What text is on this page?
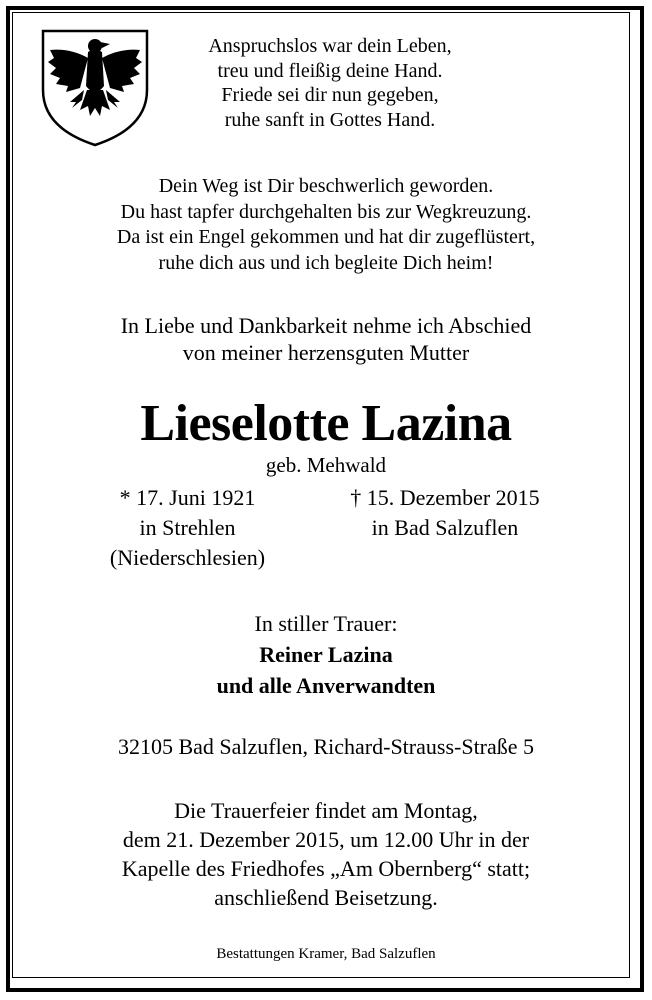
Anspruchslos war dein Leben,
treu und fleißig deine Hand.
Friede sei dir nun gegeben,
ruhe sanft in Gottes Hand.
Dein Weg ist Dir beschwerlich geworden.
Du hast tapfer durchgehalten bis zur Wegkreuzung.
Da ist ein Engel gekommen und hat dir zugeflüstert,
ruhe dich aus und ich begleite Dich heim!
In Liebe und Dankbarkeit nehme ich Abschied
von meiner herzensguten Mutter
Lieselotte Lazina
geb. Mehwald
* 17. Juni 1921
in Strehlen
(Niederschlesien)
† 15. Dezember 2015
in Bad Salzuflen
In stiller Trauer:
Reiner Lazina
und alle Anverwandten
32105 Bad Salzuflen, Richard-Strauss-Straße 5
Die Trauerfeier findet am Montag,
dem 21. Dezember 2015, um 12.00 Uhr in der
Kapelle des Friedhofes „Am Obernberg“ statt;
anschließend Beisetzung.
Bestattungen Kramer, Bad Salzuflen
